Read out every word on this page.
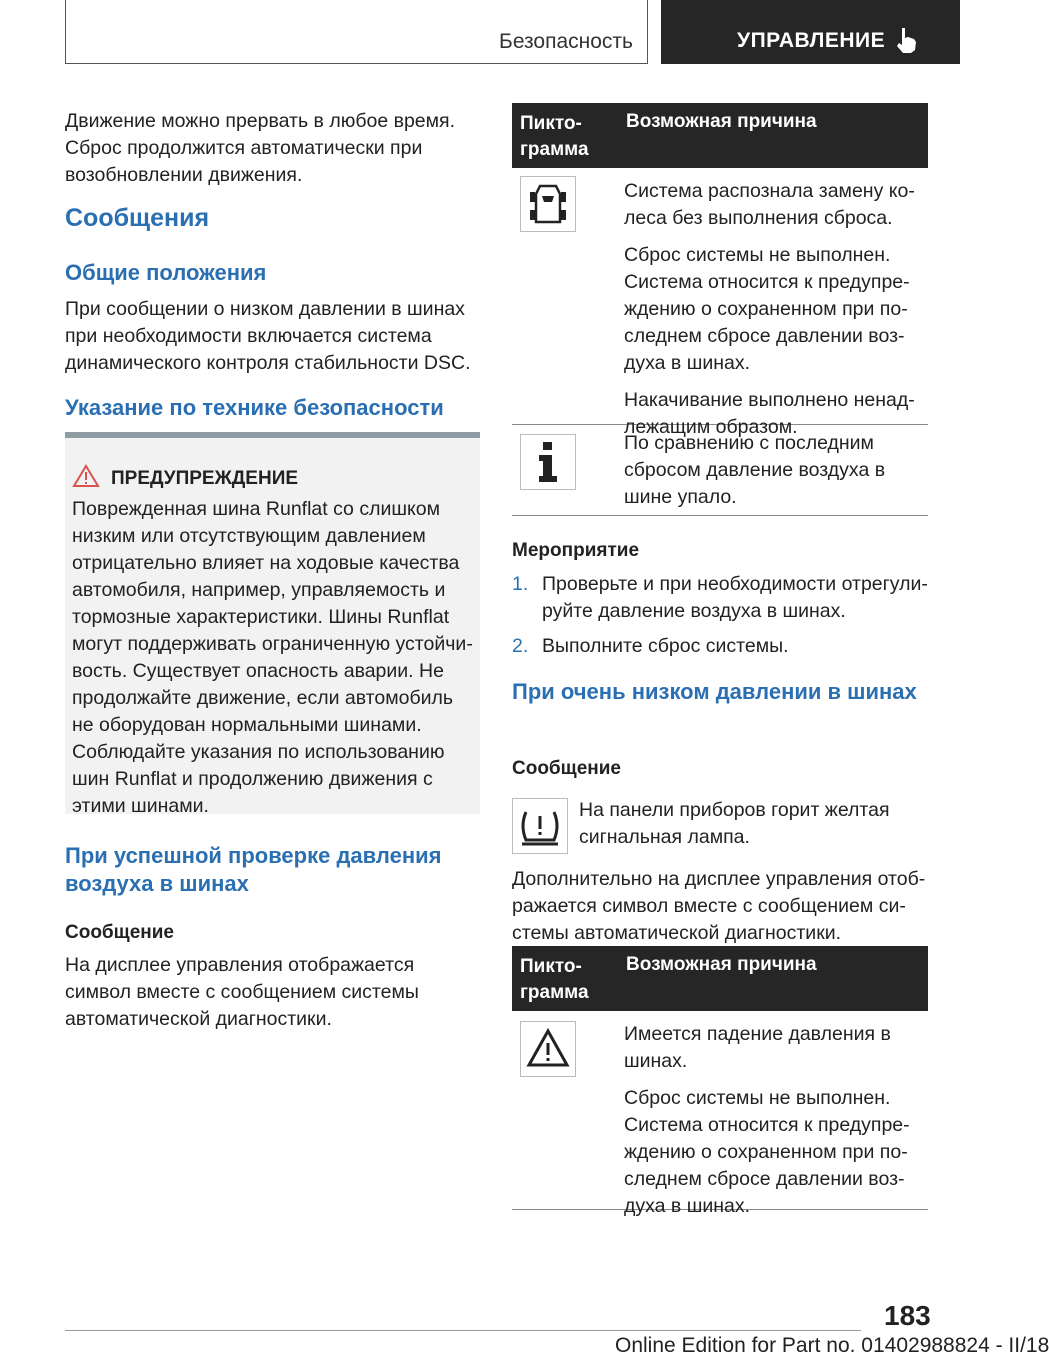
Безопасность	УПРАВЛЕНИЕ

Движение можно прервать в любое время. Сброс продолжится автоматически при возобновлении движения.

Сообщения
Общие положения

При сообщении о низком давлении в шинах при необходимости включается система динамического контроля стабильности DSC.

Указание по технике безопасности
ПРЕДУПРЕЖДЕНИЕ

Поврежденная шина Runflat со слишком низким или отсутствующим давлением отрицательно влияет на ходовые качества автомобиля, например, управляемость и тормозные характеристики. Шины Runflat могут поддерживать ограниченную устойчивость. Существует опасность аварии. Не продолжайте движение, если автомобиль не оборудован нормальными шинами. Соблюдайте указания по использованию шин Runflat и продолжению движения с этими шинами.

При успешной проверке давления воздуха в шинах
Сообщение

На дисплее управления отображается символ вместе с сообщением системы автоматической диагностики.

Пиктограмма
Возможная причина

Система распознала замену колеса без выполнения сброса.

Сброс системы не выполнен. Система относится к предупреждению о сохраненном при последнем сбросе давлении воздуха в шинах.

Накачивание выполнено ненадлежащим образом.

По сравнению с последним сбросом давление воздуха в шине упало.

Мероприятие
1. Проверьте и при необходимости отрегулируйте давление воздуха в шинах.
2. Выполните сброс системы.
При очень низком давлении в шинах
Сообщение

На панели приборов горит желтая сигнальная лампа.

Дополнительно на дисплее управления отображается символ вместе с сообщением системы автоматической диагностики.

Пиктограмма
Возможная причина

Имеется падение давления в шинах.

Сброс системы не выполнен. Система относится к предупреждению о сохраненном при последнем сбросе давлении воздуха в шинах.

183
Online Edition for Part no. 01402988824 - II/18
